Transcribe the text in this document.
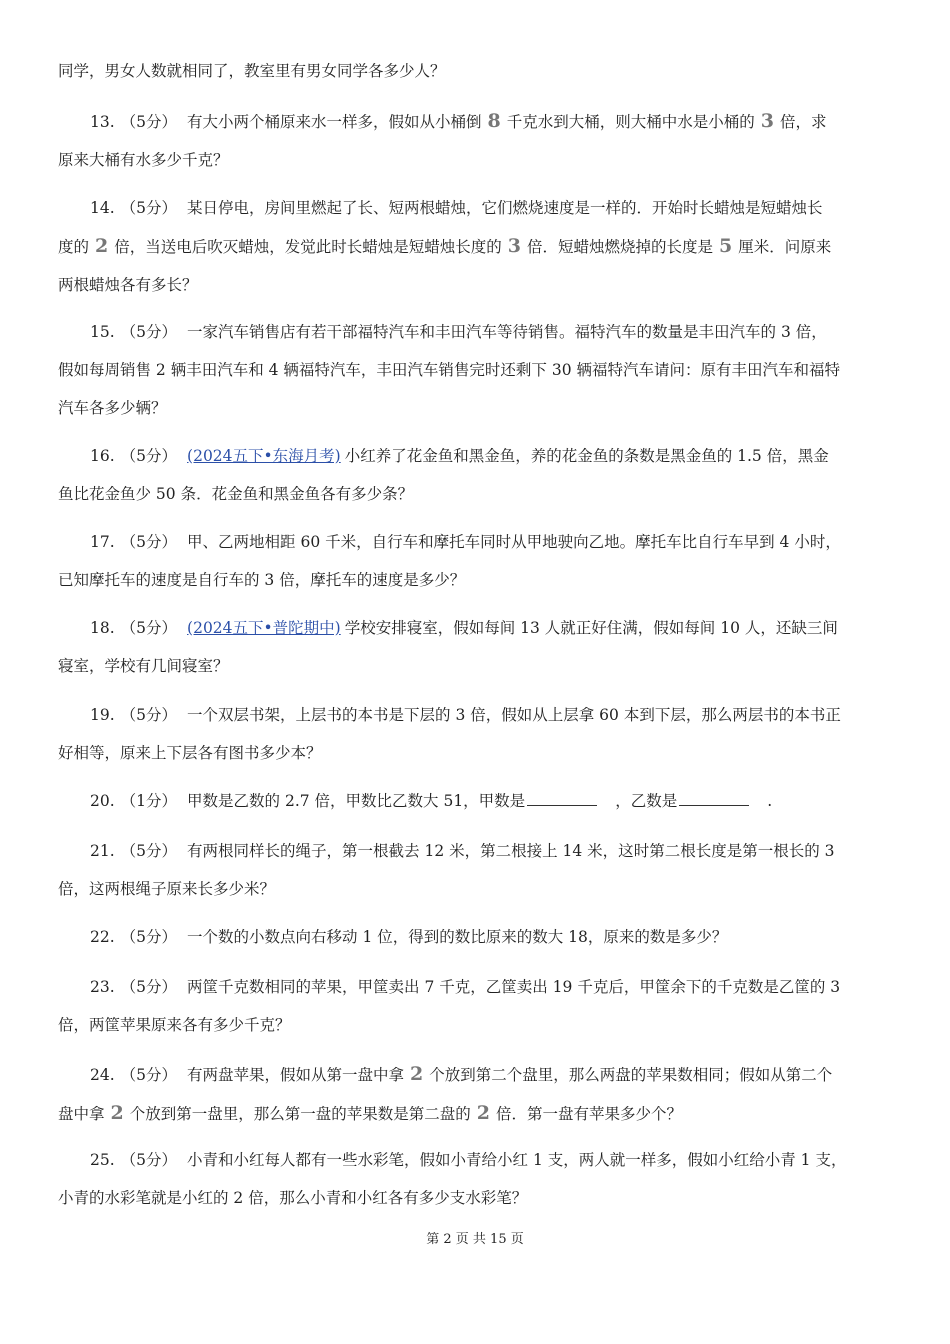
同学，男女人数就相同了，教室里有男女同学各多少人？
13. （5分） 有大小两个桶原来水一样多，假如从小桶倒 8 千克水到大桶，则大桶中水是小桶的 3 倍，求
原来大桶有水多少千克？
14. （5分） 某日停电，房间里燃起了长、短两根蜡烛，它们燃烧速度是一样的．开始时长蜡烛是短蜡烛长
度的 2 倍，当送电后吹灭蜡烛，发觉此时长蜡烛是短蜡烛长度的 3 倍．短蜡烛燃烧掉的长度是 5 厘米．问原来
两根蜡烛各有多长？
15. （5分） 一家汽车销售店有若干部福特汽车和丰田汽车等待销售。福特汽车的数量是丰田汽车的 3 倍，
假如每周销售 2 辆丰田汽车和 4 辆福特汽车，丰田汽车销售完时还剩下 30 辆福特汽车请问：原有丰田汽车和福特
汽车各多少辆？
16. （5分） (2024五下•东海月考) 小红养了花金鱼和黑金鱼，养的花金鱼的条数是黑金鱼的 1.5 倍，黑金
鱼比花金鱼少 50 条．花金鱼和黑金鱼各有多少条？
17. （5分） 甲、乙两地相距 60 千米，自行车和摩托车同时从甲地驶向乙地。摩托车比自行车早到 4 小时，
已知摩托车的速度是自行车的 3 倍，摩托车的速度是多少？
18. （5分） (2024五下•普陀期中) 学校安排寝室，假如每间 13 人就正好住满，假如每间 10 人，还缺三间
寝室，学校有几间寝室？
19. （5分） 一个双层书架，上层书的本书是下层的 3 倍，假如从上层拿 60 本到下层，那么两层书的本书正
好相等，原来上下层各有图书多少本？
20. （1分） 甲数是乙数的 2.7 倍，甲数比乙数大 51，甲数是	，乙数是	.
21. （5分） 有两根同样长的绳子，第一根截去 12 米，第二根接上 14 米，这时第二根长度是第一根长的 3
倍，这两根绳子原来长多少米？
22. （5分） 一个数的小数点向右移动 1 位，得到的数比原来的数大 18，原来的数是多少？
23. （5分） 两筐千克数相同的苹果，甲筐卖出 7 千克，乙筐卖出 19 千克后，甲筐余下的千克数是乙筐的 3
倍，两筐苹果原来各有多少千克？
24. （5分） 有两盘苹果，假如从第一盘中拿 2 个放到第二个盘里，那么两盘的苹果数相同；假如从第二个
盘中拿 2 个放到第一盘里，那么第一盘的苹果数是第二盘的 2 倍．第一盘有苹果多少个？
25. （5分） 小青和小红每人都有一些水彩笔，假如小青给小红 1 支，两人就一样多，假如小红给小青 1 支，
小青的水彩笔就是小红的 2 倍，那么小青和小红各有多少支水彩笔？
第 2 页 共 15 页
